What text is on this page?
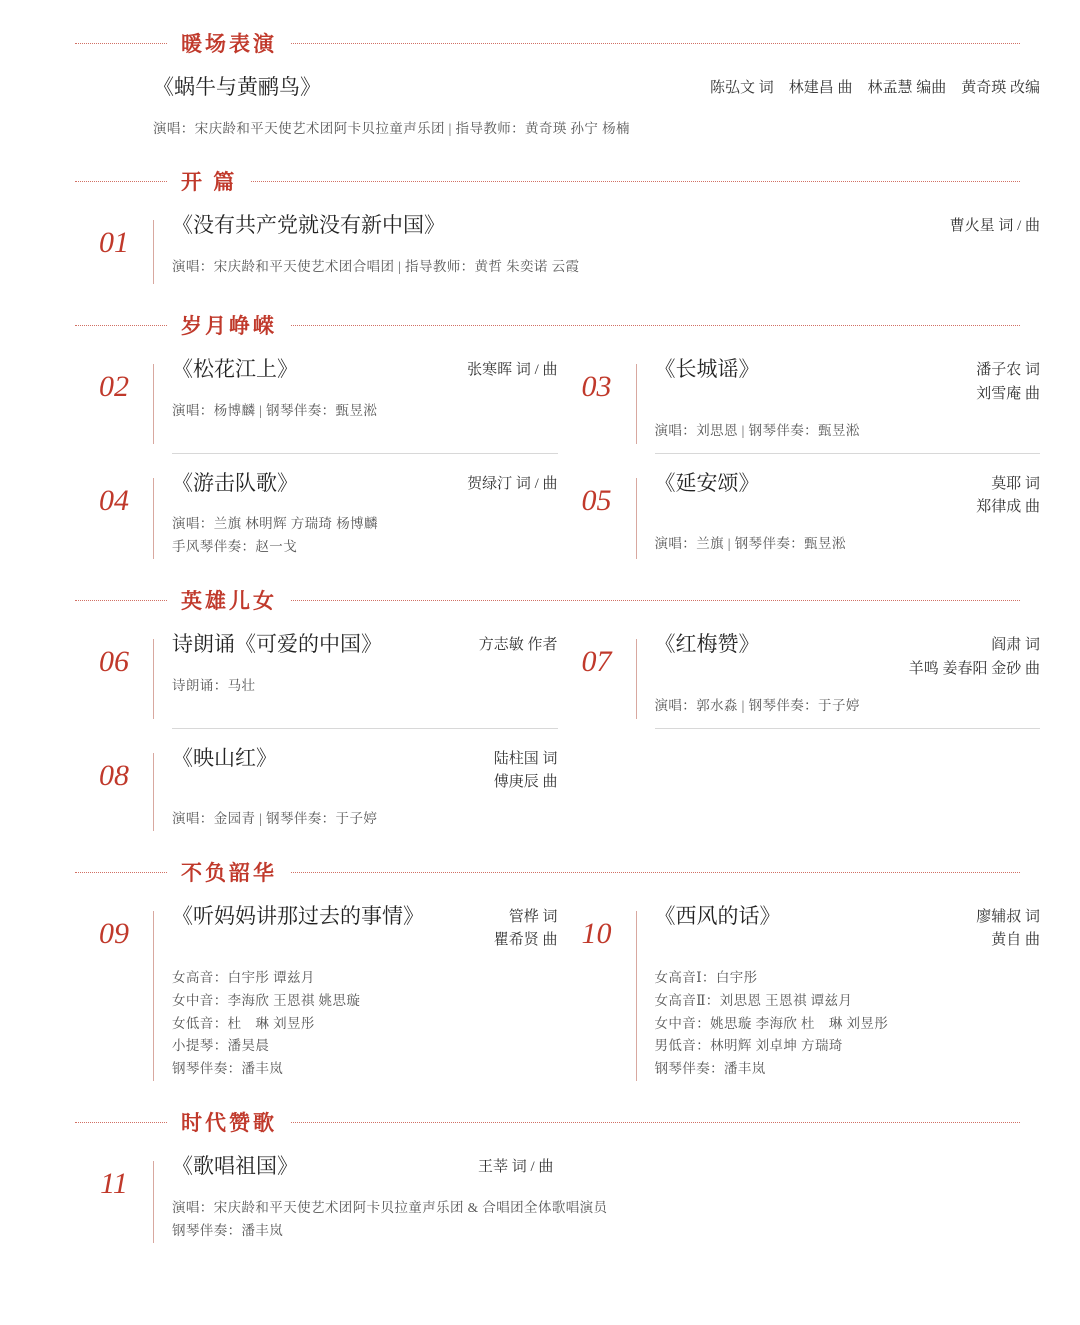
暖场表演
《蜗牛与黄鹂鸟》	陈弘文 词　林建昌 曲　林孟慧 编曲　黄奇瑛 改编
演唱：宋庆龄和平天使艺术团阿卡贝拉童声乐团 | 指导教师：黄奇瑛 孙宁 杨楠
开 篇
01
《没有共产党就没有新中国》	曹火星 词 / 曲
演唱：宋庆龄和平天使艺术团合唱团 | 指导教师：黄哲 朱奕诺 云霞
岁月峥嵘
02
《松花江上》	张寒晖 词 / 曲
演唱：杨博麟 | 钢琴伴奏：甄昱淞
03
《长城谣》	潘子农 词
刘雪庵 曲
演唱：刘思恩 | 钢琴伴奏：甄昱淞
04
《游击队歌》	贺绿汀 词 / 曲
演唱：兰旗 林明辉 方瑞琦 杨博麟
手风琴伴奏：赵一戈
05
《延安颂》	莫耶 词
郑律成 曲
演唱：兰旗 | 钢琴伴奏：甄昱淞
英雄儿女
06
诗朗诵《可爱的中国》	方志敏 作者
诗朗诵：马壮
07
《红梅赞》	阎肃 词
羊鸣 姜春阳 金砂 曲
演唱：郭水淼 | 钢琴伴奏：于子婷
08
《映山红》	陆柱国 词
傅庚辰 曲
演唱：金园青 | 钢琴伴奏：于子婷
不负韶华
09
《听妈妈讲那过去的事情》	管桦 词
瞿希贤 曲
女高音：白宇彤 谭兹月
女中音：李海欣 王恩祺 姚思璇
女低音：杜　琳 刘昱彤
小提琴：潘昊晨
钢琴伴奏：潘丰岚
10
《西风的话》	廖辅叔 词
黄自 曲
女高音Ⅰ：白宇彤
女高音Ⅱ：刘思恩 王恩祺 谭兹月
女中音：姚思璇 李海欣 杜　琳 刘昱彤
男低音：林明辉 刘卓坤 方瑞琦
钢琴伴奏：潘丰岚
时代赞歌
11
《歌唱祖国》	王莘 词 / 曲
演唱：宋庆龄和平天使艺术团阿卡贝拉童声乐团 & 合唱团全体歌唱演员
钢琴伴奏：潘丰岚
